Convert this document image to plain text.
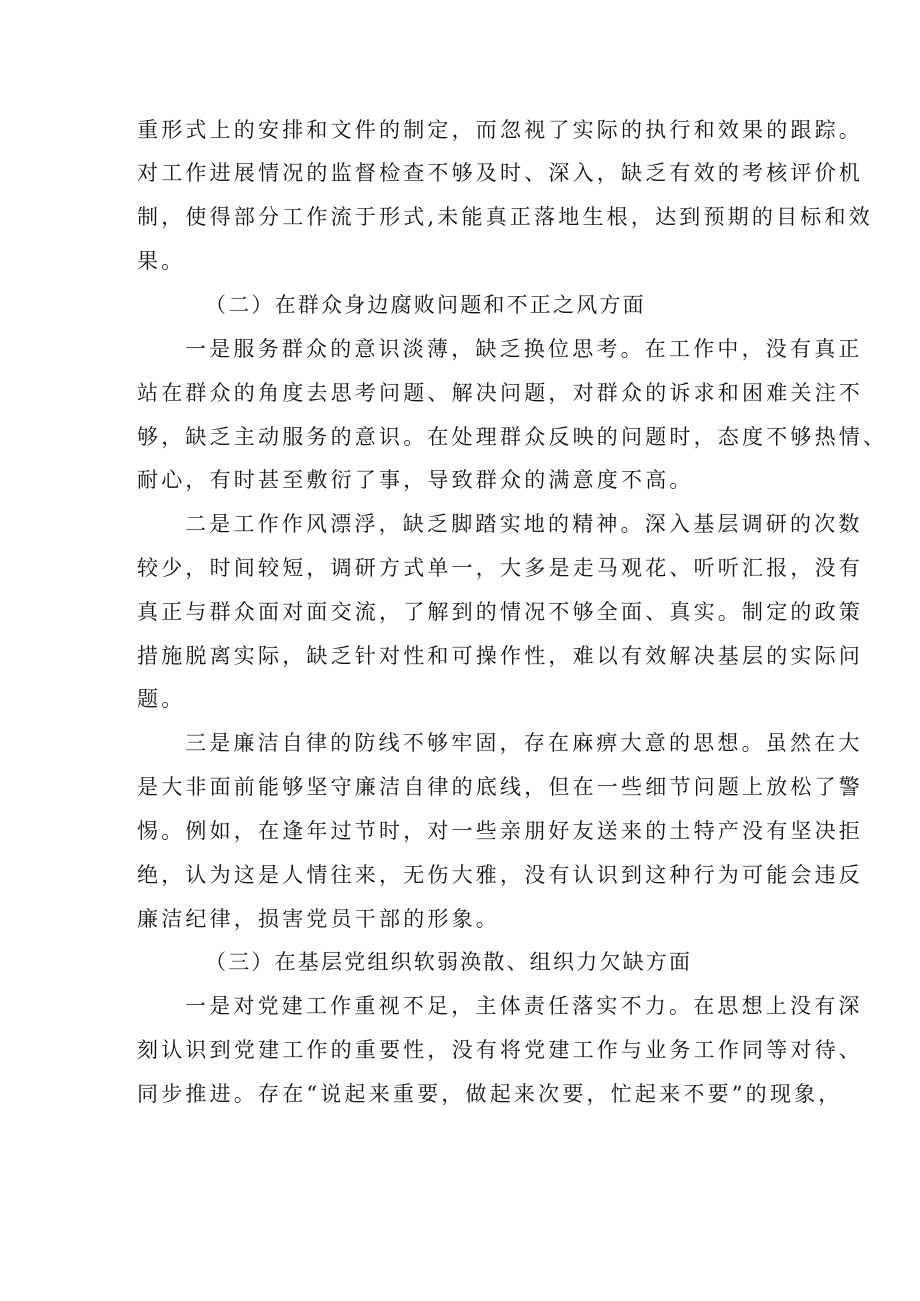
重形式上的安排和文件的制定，而忽视了实际的执行和效果的跟踪。
对工作进展情况的监督检查不够及时、深入，缺乏有效的考核评价机
制，使得部分工作流于形式,未能真正落地生根，达到预期的目标和效
果。
（二）在群众身边腐败问题和不正之风方面
一是服务群众的意识淡薄，缺乏换位思考。在工作中，没有真正
站在群众的角度去思考问题、解决问题，对群众的诉求和困难关注不
够，缺乏主动服务的意识。在处理群众反映的问题时，态度不够热情、
耐心，有时甚至敷衍了事，导致群众的满意度不高。
二是工作作风漂浮，缺乏脚踏实地的精神。深入基层调研的次数
较少，时间较短，调研方式单一，大多是走马观花、听听汇报，没有
真正与群众面对面交流，了解到的情况不够全面、真实。制定的政策
措施脱离实际，缺乏针对性和可操作性，难以有效解决基层的实际问
题。
三是廉洁自律的防线不够牢固，存在麻痹大意的思想。虽然在大
是大非面前能够坚守廉洁自律的底线，但在一些细节问题上放松了警
惕。例如，在逢年过节时，对一些亲朋好友送来的土特产没有坚决拒
绝，认为这是人情往来，无伤大雅，没有认识到这种行为可能会违反
廉洁纪律，损害党员干部的形象。
（三）在基层党组织软弱涣散、组织力欠缺方面
一是对党建工作重视不足，主体责任落实不力。在思想上没有深
刻认识到党建工作的重要性，没有将党建工作与业务工作同等对待、
同步推进。存在“说起来重要，做起来次要，忙起来不要”的现象，
